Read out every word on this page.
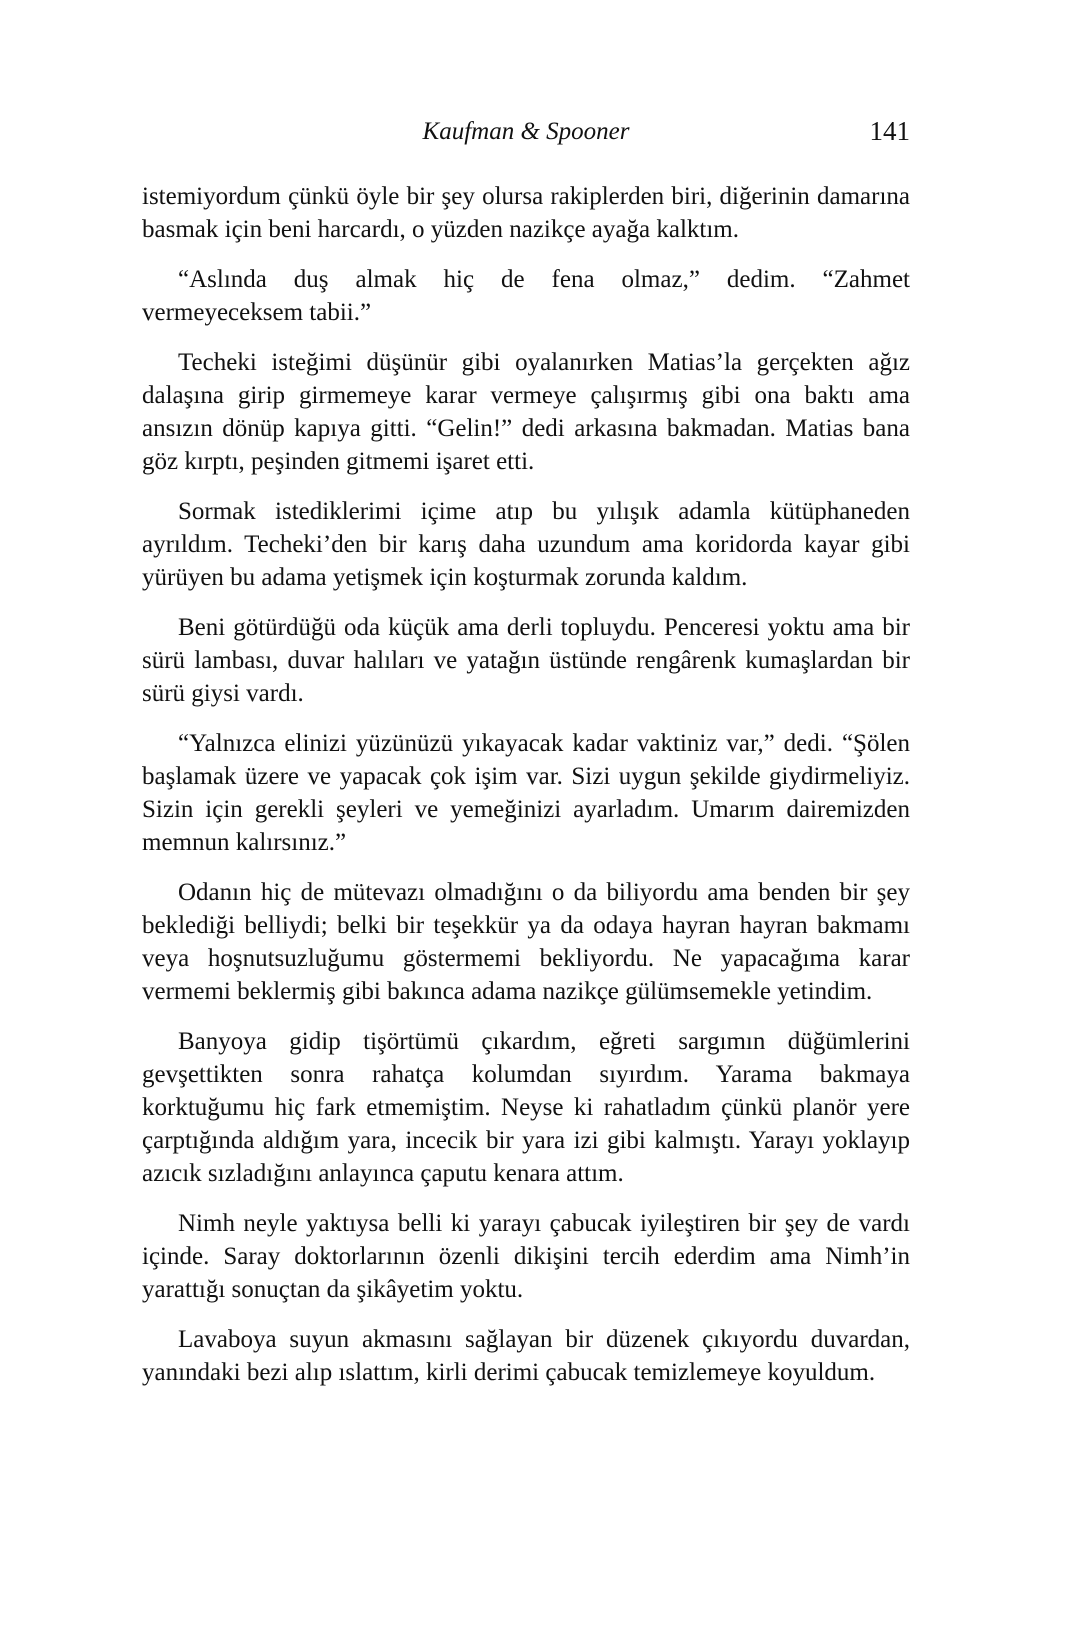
Kaufman & Spooner	141

istemiyordum çünkü öyle bir şey olursa rakiplerden biri, diğerinin damarına basmak için beni harcardı, o yüzden nazikçe ayağa kalktım.

“Aslında duş almak hiç de fena olmaz,” dedim. “Zahmet vermeyeceksem tabii.”

Techeki isteğimi düşünür gibi oyalanırken Matias’la gerçekten ağız dalaşına girip girmemeye karar vermeye çalışırmış gibi ona baktı ama ansızın dönüp kapıya gitti. “Gelin!” dedi arkasına bakmadan. Matias bana göz kırptı, peşinden gitmemi işaret etti.

Sormak istediklerimi içime atıp bu yılışık adamla kütüphaneden ayrıldım. Techeki’den bir karış daha uzundum ama koridorda kayar gibi yürüyen bu adama yetişmek için koşturmak zorunda kaldım.

Beni götürdüğü oda küçük ama derli topluydu. Penceresi yoktu ama bir sürü lambası, duvar halıları ve yatağın üstünde rengârenk kumaşlardan bir sürü giysi vardı.

“Yalnızca elinizi yüzünüzü yıkayacak kadar vaktiniz var,” dedi. “Şölen başlamak üzere ve yapacak çok işim var. Sizi uygun şekilde giydirmeliyiz. Sizin için gerekli şeyleri ve yemeğinizi ayarladım. Umarım dairemizden memnun kalırsınız.”

Odanın hiç de mütevazı olmadığını o da biliyordu ama benden bir şey beklediği belliydi; belki bir teşekkür ya da odaya hayran hayran bakmamı veya hoşnutsuzluğumu göstermemi bekliyordu. Ne yapacağıma karar vermemi beklermiş gibi bakınca adama nazikçe gülümsemekle yetindim.

Banyoya gidip tişörtümü çıkardım, eğreti sargımın düğümlerini gevşettikten sonra rahatça kolumdan sıyırdım. Yarama bakmaya korktuğumu hiç fark etmemiştim. Neyse ki rahatladım çünkü planör yere çarptığında aldığım yara, incecik bir yara izi gibi kalmıştı. Yarayı yoklayıp azıcık sızladığını anlayınca çaputu kenara attım.

Nimh neyle yaktıysa belli ki yarayı çabucak iyileştiren bir şey de vardı içinde. Saray doktorlarının özenli dikişini tercih ederdim ama Nimh’in yarattığı sonuçtan da şikâyetim yoktu.

Lavaboya suyun akmasını sağlayan bir düzenek çıkıyordu duvardan, yanındaki bezi alıp ıslattım, kirli derimi çabucak temizlemeye koyuldum.
